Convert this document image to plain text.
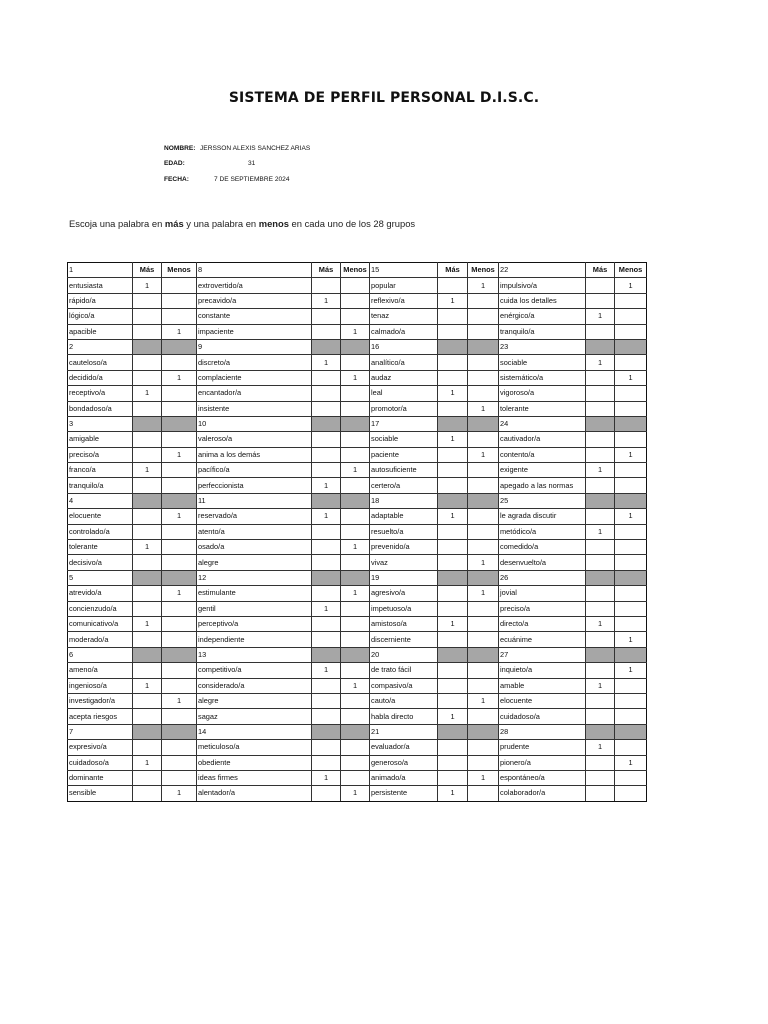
SISTEMA DE PERFIL PERSONAL D.I.S.C.
NOMBRE: JERSSON ALEXIS SANCHEZ ARIAS
EDAD:	31
FECHA:	7 DE SEPTIEMBRE 2024
Escoja una palabra en más y una palabra en menos en cada uno de los 28 grupos
1	Más	Menos	8	Más	Menos	15	Más	Menos	22	Más	Menos
entusiasta	1		extrovertido/a			popular		1	impulsivo/a		1
rápido/a			precavido/a	1		reflexivo/a	1		cuida los detalles		
lógico/a			constante			tenaz			enérgico/a	1	
apacible		1	impaciente		1	calmado/a			tranquilo/a		
2			9			16			23		
cauteloso/a			discreto/a	1		analítico/a			sociable	1	
decidido/a		1	complaciente		1	audaz			sistemático/a		1
receptivo/a	1		encantador/a			leal	1		vigoroso/a		
bondadoso/a			insistente			promotor/a		1	tolerante		
3			10			17			24		
amigable			valeroso/a			sociable	1		cautivador/a		
preciso/a		1	anima a los demás			paciente		1	contento/a		1
franco/a	1		pacífico/a		1	autosuficiente			exigente	1	
tranquilo/a			perfeccionista	1		certero/a			apegado a las normas		
4			11			18			25		
elocuente		1	reservado/a	1		adaptable	1		le agrada discutir		1
controlado/a			atento/a			resuelto/a			metódico/a	1	
tolerante	1		osado/a		1	prevenido/a			comedido/a		
decisivo/a			alegre			vivaz		1	desenvuelto/a		
5			12			19			26		
atrevido/a		1	estimulante		1	agresivo/a		1	jovial		
concienzudo/a			gentil	1		impetuoso/a			preciso/a		
comunicativo/a	1		perceptivo/a			amistoso/a	1		directo/a	1	
moderado/a			independiente			discerniente			ecuánime		1
6			13			20			27		
ameno/a			competitivo/a	1		de trato fácil			inquieto/a		1
ingenioso/a	1		considerado/a		1	compasivo/a			amable	1	
investigador/a		1	alegre			cauto/a		1	elocuente		
acepta riesgos			sagaz			habla directo	1		cuidadoso/a		
7			14			21			28		
expresivo/a			meticuloso/a			evaluador/a			prudente	1	
cuidadoso/a	1		obediente			generoso/a			pionero/a		1
dominante			ideas firmes	1		animado/a		1	espontáneo/a		
sensible		1	alentador/a		1	persistente	1		colaborador/a		
